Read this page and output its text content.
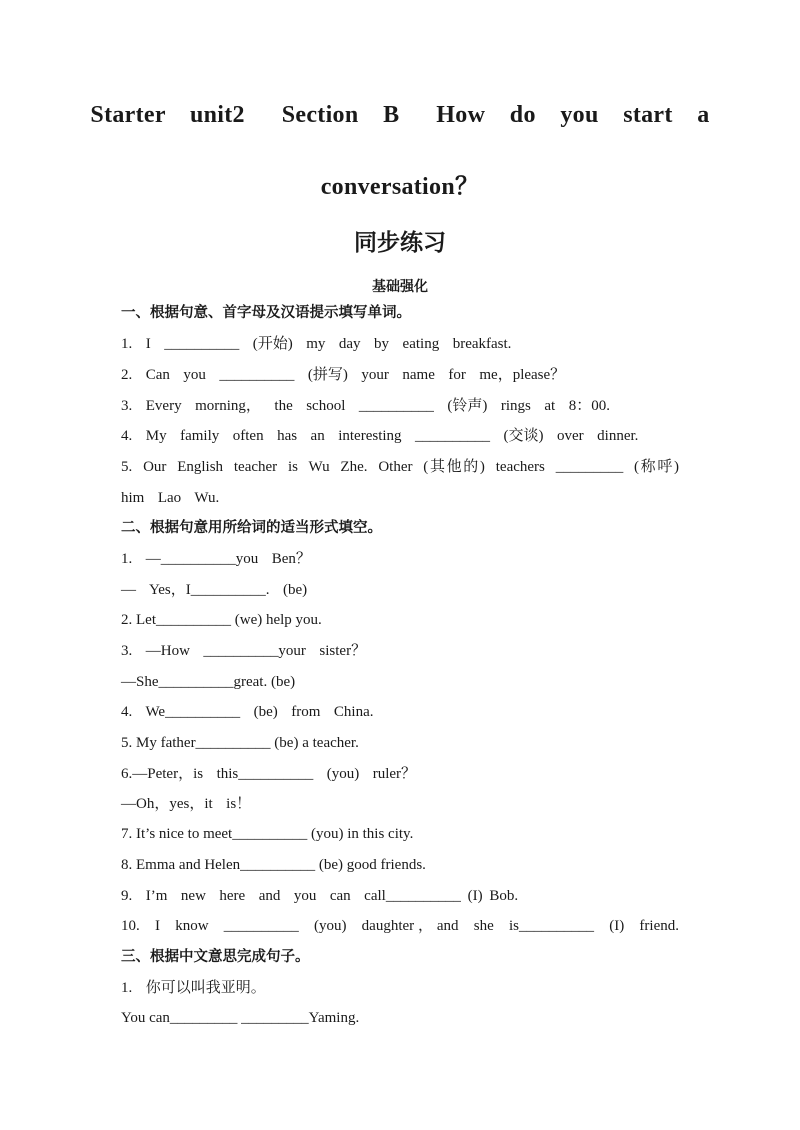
Starter  unit2   Section  B   How  do  you  start  a
conversation？
同步练习
基础强化
一、根据句意、首字母及汉语提示填写单词。
1.  I  __________  (开始)  my  day  by  eating  breakfast.
2.  Can  you  __________  (拼写)  your  name  for  me，please？
3.  Every  morning，  the  school  __________  (铃声)  rings  at  8：00.
4.  My  family  often  has  an  interesting  __________  (交谈)  over  dinner.
5.  Our  English  teacher  is  Wu  Zhe.  Other  (其他的)  teachers  _________  (称呼)
him  Lao  Wu.
二、根据句意用所给词的适当形式填空。
1.  —__________you  Ben？
—  Yes，I__________.  (be)
2. Let__________ (we) help you.
3.  —How  __________your  sister？
—She__________great. (be)
4.  We__________  (be)  from  China.
5. My father__________ (be) a teacher.
6.—Peter，is  this__________  (you)  ruler？
—Oh，yes，it  is！
7. It’s nice to meet__________ (you) in this city.
8. Emma and Helen__________ (be) good friends.
9.  I’m  new  here  and  you  can  call__________ (I) Bob.
10.  I  know  __________  (you)  daughter，and  she  is__________  (I)  friend.
三、根据中文意思完成句子。
1.  你可以叫我亚明。
You can_________ _________Yaming.
